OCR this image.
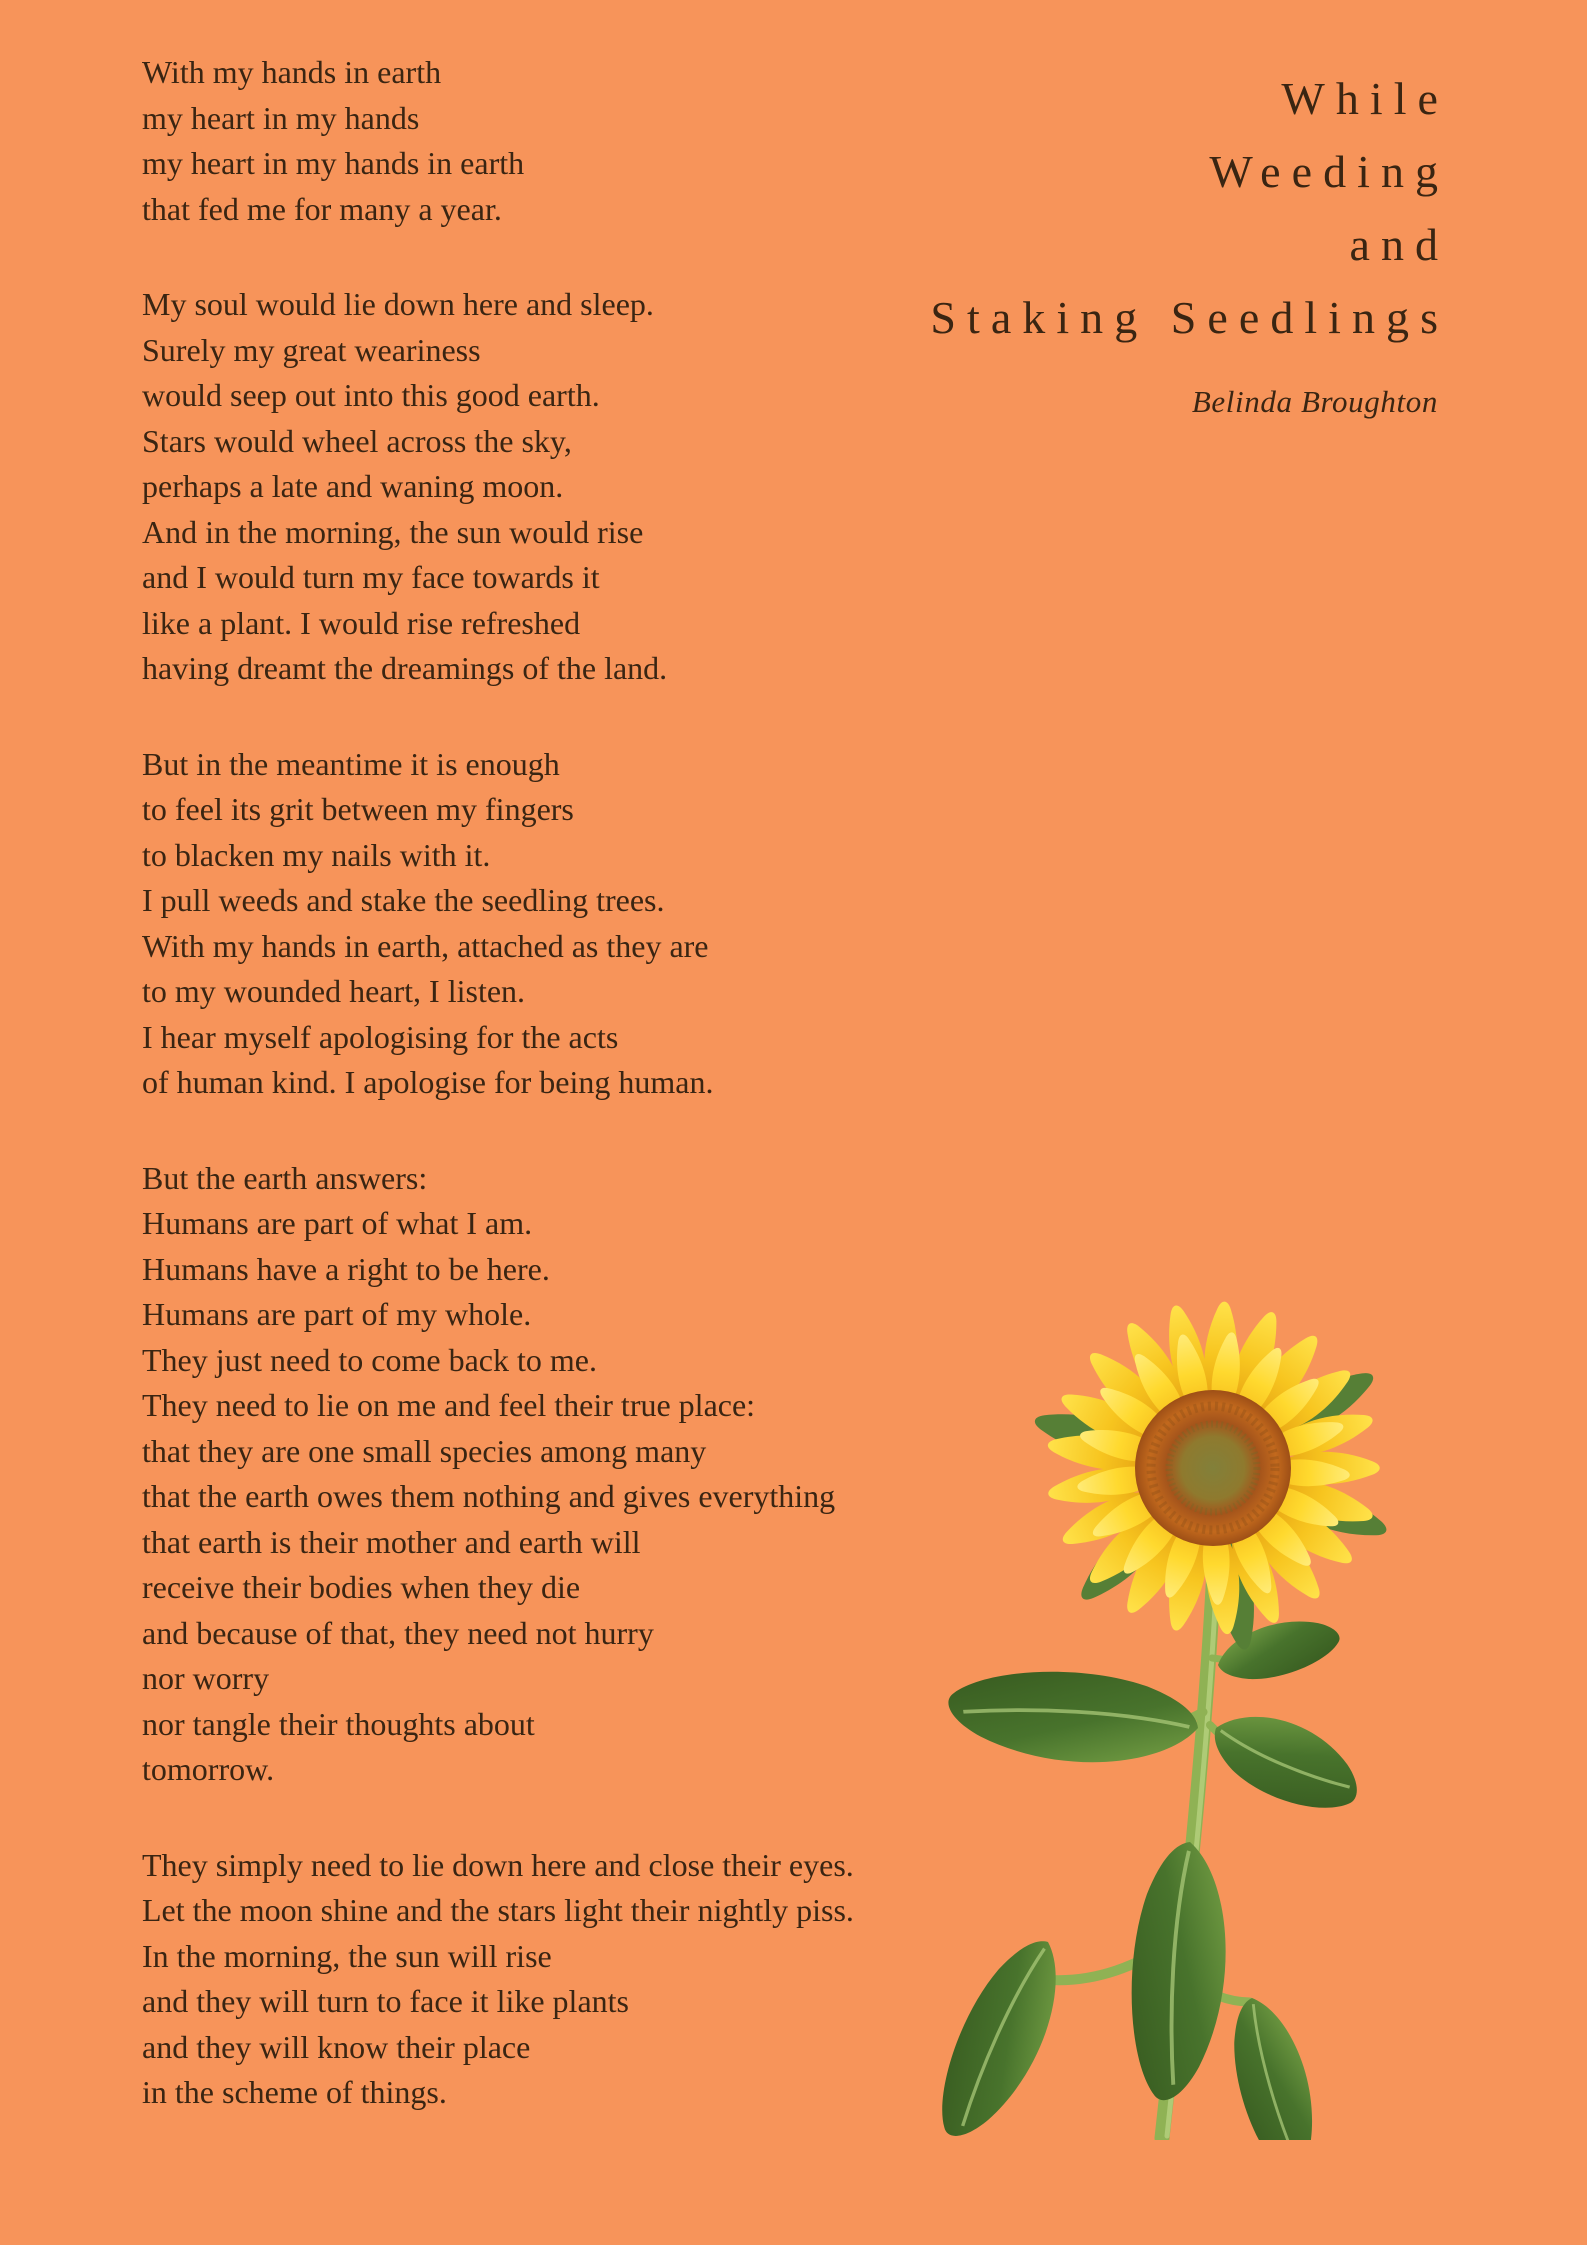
With my hands in earth
my heart in my hands
my heart in my hands in earth
that fed me for many a year.
My soul would lie down here and sleep.
Surely my great weariness
would seep out into this good earth.
Stars would wheel across the sky,
perhaps a late and waning moon.
And in the morning, the sun would rise
and I would turn my face towards it
like a plant. I would rise refreshed
having dreamt the dreamings of the land.
But in the meantime it is enough
to feel its grit between my fingers
to blacken my nails with it.
I pull weeds and stake the seedling trees.
With my hands in earth, attached as they are
to my wounded heart, I listen.
I hear myself apologising for the acts
of human kind. I apologise for being human.
But the earth answers:
Humans are part of what I am.
Humans have a right to be here.
Humans are part of my whole.
They just need to come back to me.
They need to lie on me and feel their true place:
that they are one small species among many
that the earth owes them nothing and gives everything
that earth is their mother and earth will
receive their bodies when they die
and because of that, they need not hurry
nor worry
nor tangle their thoughts about
tomorrow.
They simply need to lie down here and close their eyes.
Let the moon shine and the stars light their nightly piss.
In the morning, the sun will rise
and they will turn to face it like plants
and they will know their place
in the scheme of things.
While
Weeding
and
Staking Seedlings
Belinda Broughton
